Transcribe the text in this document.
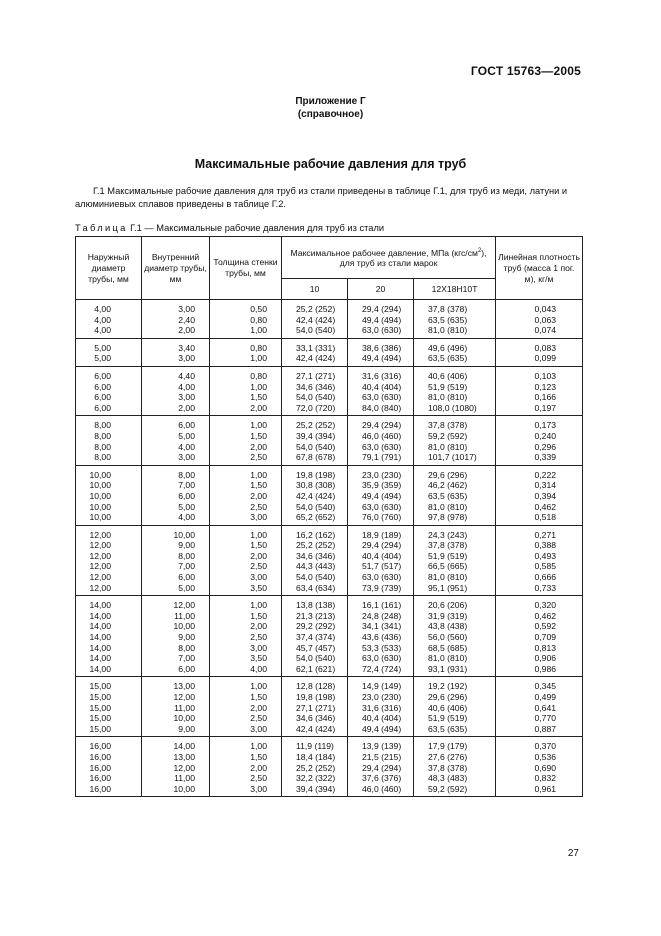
ГОСТ 15763—2005
Приложение Г
(справочное)
Максимальные рабочие давления для труб
Г.1 Максимальные рабочие давления для труб из стали приведены в таблице Г.1, для труб из меди, латуни и алюминиевых сплавов приведены в таблице Г.2.
Таблица Г.1 — Максимальные рабочие давления для труб из стали
Наружный диаметр трубы, мм	Внутренний диаметр трубы, мм	Толщина стенки трубы, мм	Максимальное рабочее давление, МПа $(кгс/см^2)$, для труб из стали марок			Линейная плотность труб (масса 1 пог. м), кг/м
			10	20	12Х18Н10Т	
4,00	3,00	0,50	25,2 (252)	29,4 (294)	37,8 (378)	0,043
4,00	2,40	0,80	42,4 (424)	49,4 (494)	63,5 (635)	0,063
4,00	2,00	1,00	54,0 (540)	63,0 (630)	81,0 (810)	0,074
5,00	3,40	0,80	33,1 (331)	38,6 (386)	49,6 (496)	0,083
5,00	3,00	1,00	42,4 (424)	49,4 (494)	63,5 (635)	0,099
6,00	4,40	0,80	27,1 (271)	31,6 (316)	40,6 (406)	0,103
6,00	4,00	1,00	34,6 (346)	40,4 (404)	51,9 (519)	0,123
6,00	3,00	1,50	54,0 (540)	63,0 (630)	81,0 (810)	0,166
6,00	2,00	2,00	72,0 (720)	84,0 (840)	108,0 (1080)	0,197
8,00	6,00	1,00	25,2 (252)	29,4 (294)	37,8 (378)	0,173
8,00	5,00	1,50	39,4 (394)	46,0 (460)	59,2 (592)	0,240
8,00	4,00	2,00	54,0 (540)	63,0 (630)	81,0 (810)	0,296
8,00	3,00	2,50	67,8 (678)	79,1 (791)	101,7 (1017)	0,339
10,00	8,00	1,00	19,8 (198)	23,0 (230)	29,6 (296)	0,222
10,00	7,00	1,50	30,8 (308)	35,9 (359)	46,2 (462)	0,314
10,00	6,00	2,00	42,4 (424)	49,4 (494)	63,5 (635)	0,394
10,00	5,00	2,50	54,0 (540)	63,0 (630)	81,0 (810)	0,462
10,00	4,00	3,00	65,2 (652)	76,0 (760)	97,8 (978)	0,518
12,00	10,00	1,00	16,2 (162)	18,9 (189)	24,3 (243)	0,271
12,00	9,00	1,50	25,2 (252)	29,4 (294)	37,8 (378)	0,388
12,00	8,00	2,00	34,6 (346)	40,4 (404)	51,9 (519)	0,493
12,00	7,00	2,50	44,3 (443)	51,7 (517)	66,5 (665)	0,585
12,00	6,00	3,00	54,0 (540)	63,0 (630)	81,0 (810)	0,666
12,00	5,00	3,50	63,4 (634)	73,9 (739)	95,1 (951)	0,733
14,00	12,00	1,00	13,8 (138)	16,1 (161)	20,6 (206)	0,320
14,00	11,00	1,50	21,3 (213)	24,8 (248)	31,9 (319)	0,462
14,00	10,00	2,00	29,2 (292)	34,1 (341)	43,8 (438)	0,592
14,00	9,00	2,50	37,4 (374)	43,6 (436)	56,0 (560)	0,709
14,00	8,00	3,00	45,7 (457)	53,3 (533)	68,5 (685)	0,813
14,00	7,00	3,50	54,0 (540)	63,0 (630)	81,0 (810)	0,906
14,00	6,00	4,00	62,1 (621)	72,4 (724)	93,1 (931)	0,986
15,00	13,00	1,00	12,8 (128)	14,9 (149)	19,2 (192)	0,345
15,00	12,00	1,50	19,8 (198)	23,0 (230)	29,6 (296)	0,499
15,00	11,00	2,00	27,1 (271)	31,6 (316)	40,6 (406)	0,641
15,00	10,00	2,50	34,6 (346)	40,4 (404)	51,9 (519)	0,770
15,00	9,00	3,00	42,4 (424)	49,4 (494)	63,5 (635)	0,887
16,00	14,00	1,00	11,9 (119)	13,9 (139)	17,9 (179)	0,370
16,00	13,00	1,50	18,4 (184)	21,5 (215)	27,6 (276)	0,536
16,00	12,00	2,00	25,2 (252)	29,4 (294)	37,8 (378)	0,690
16,00	11,00	2,50	32,2 (322)	37,6 (376)	48,3 (483)	0,832
16,00	10,00	3,00	39,4 (394)	46,0 (460)	59,2 (592)	0,961
27
